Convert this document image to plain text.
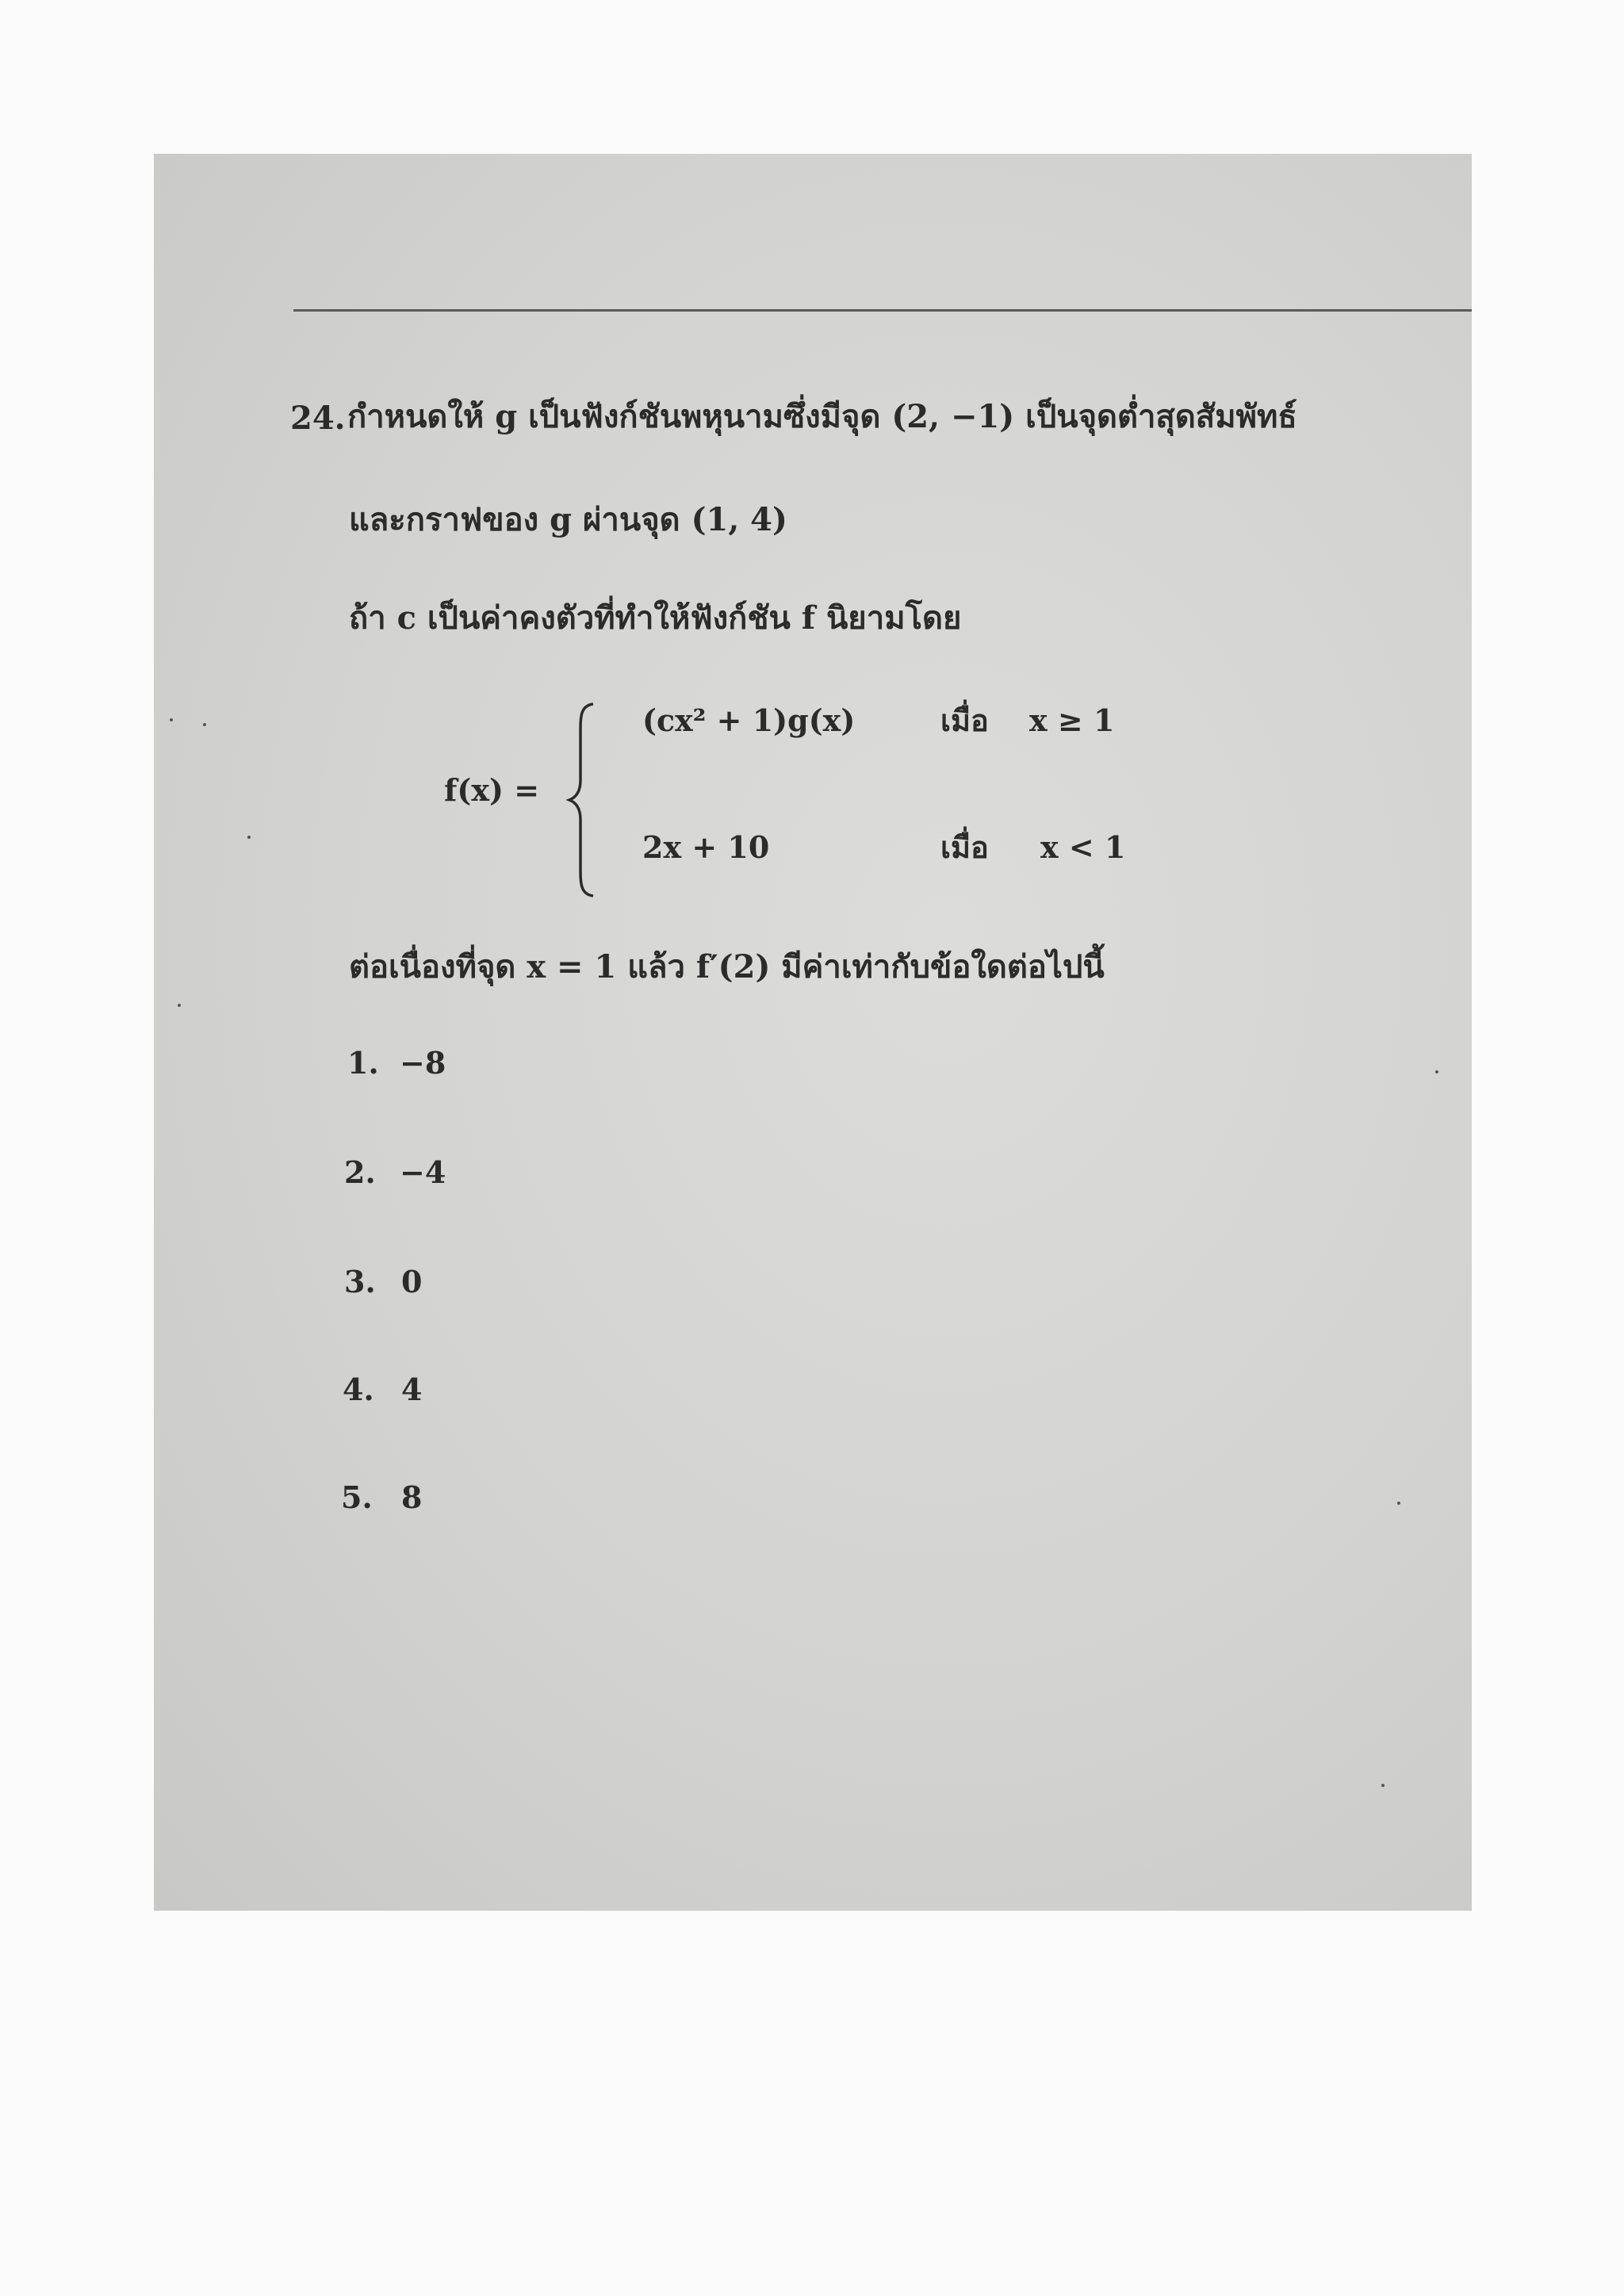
24. กำหนดให้ g เป็นฟังก์ชันพหุนามซึ่งมีจุด (2, −1) เป็นจุดต่ำสุดสัมพัทธ์
และกราฟของ g ผ่านจุด (1, 4)
ถ้า c เป็นค่าคงตัวที่ทำให้ฟังก์ชัน f นิยามโดย
f(x) =
(cx² + 1)g(x)	เมื่อ x ≥ 1
2x + 10	เมื่อ x < 1
ต่อเนื่องที่จุด x = 1 แล้ว f′(2) มีค่าเท่ากับข้อใดต่อไปนี้
1. −8
2. −4
3. 0
4. 4
5. 8
